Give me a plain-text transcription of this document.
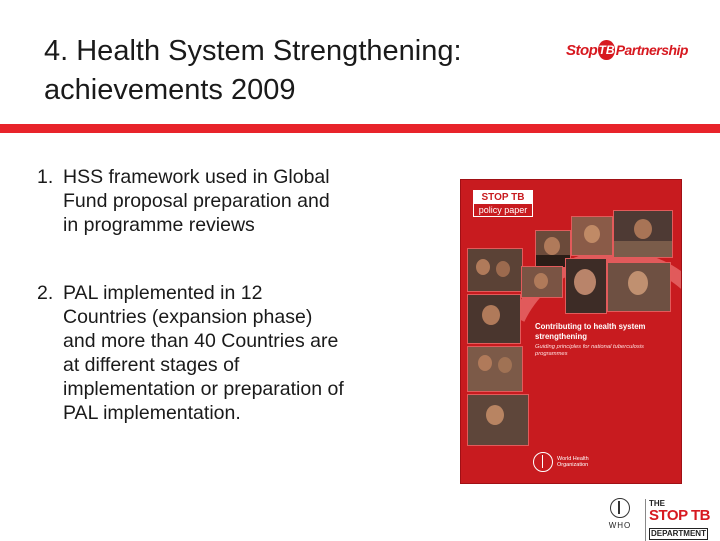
4. Health System Strengthening:
achievements 2009
Stop TB Partnership
1. HSS framework used in Global
Fund proposal preparation and
in programme reviews
2. PAL implemented in 12
Countries (expansion phase)
and more than 40 Countries are
at different stages of
implementation or preparation of
PAL implementation.
STOP TB
policy paper
Contributing to health system strengthening
Guiding principles for national tuberculosis programmes
World Health Organization
WHO
THE
STOP TB
DEPARTMENT
